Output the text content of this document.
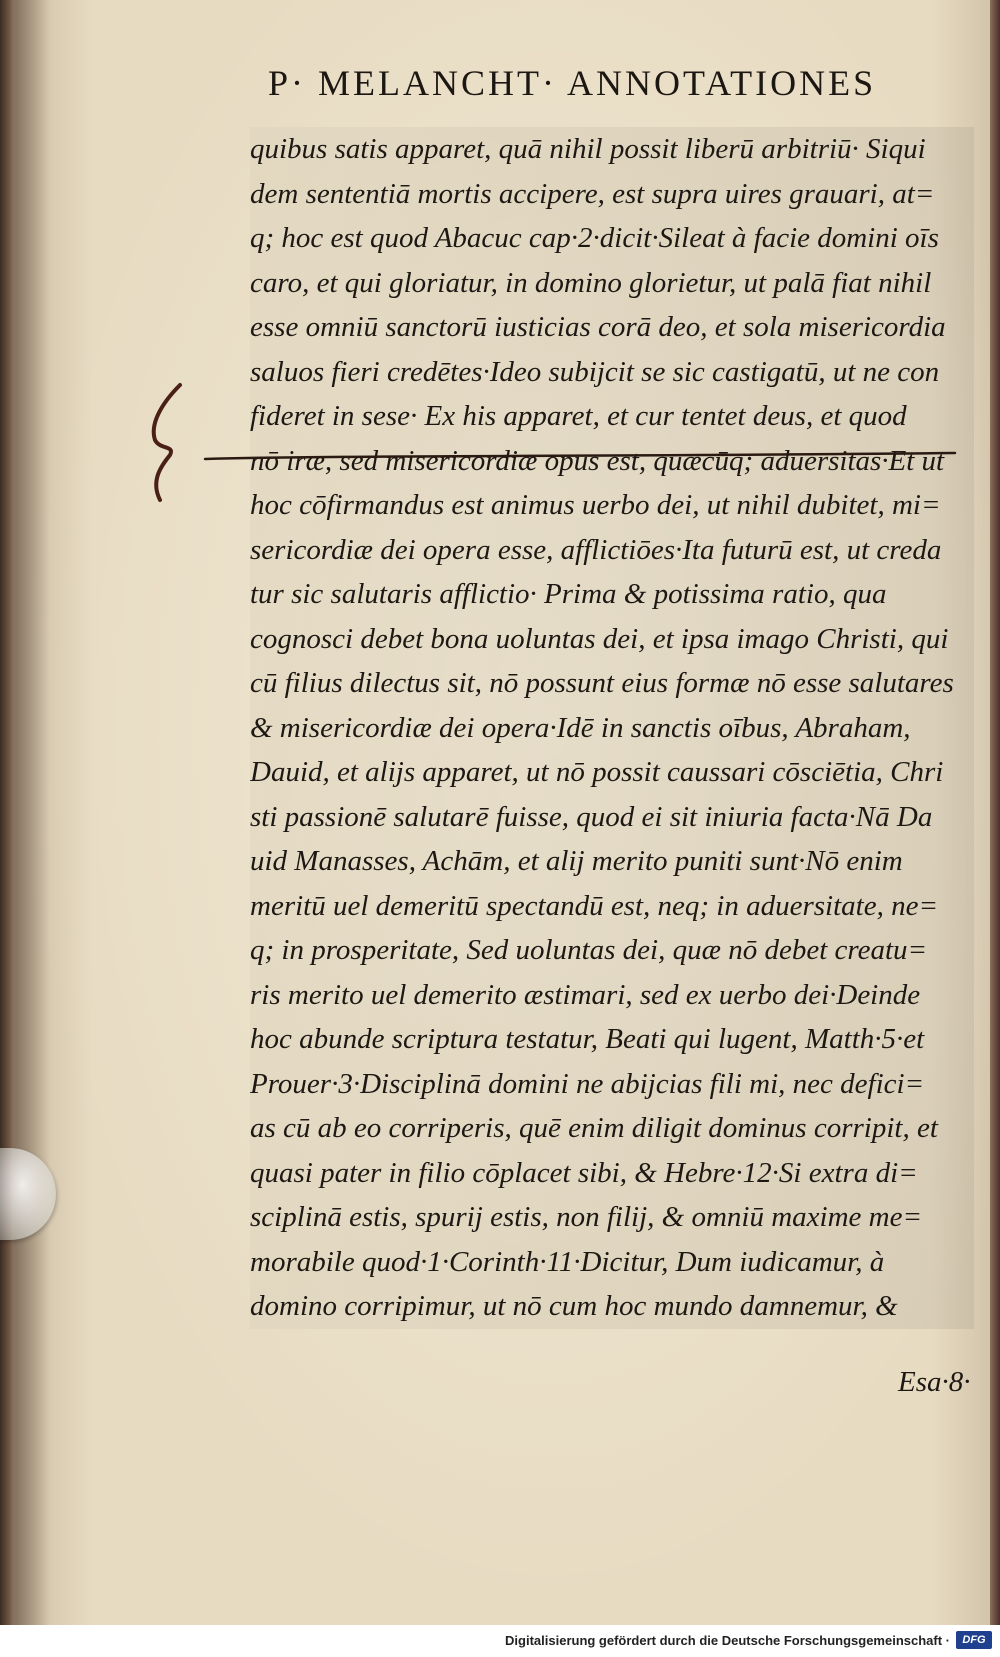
P· MELANCHT· ANNOTATIONES
quibus satis apparet, quā nihil possit liberū arbitriū· Siqui
dem sententiā mortis accipere, est supra uires grauari, at=
q; hoc est quod Abacuc cap·2·dicit·Sileat à facie domini oīs
caro, et qui gloriatur, in domino glorietur, ut palā fiat nihil
esse omniū sanctorū iusticias corā deo, et sola misericordia
saluos fieri credētes·Ideo subijcit se sic castigatū, ut ne con
fideret in sese· Ex his apparet, et cur tentet deus, et quod
nō iræ, sed misericordiæ opus est, quæcūq; aduersitas·Et ut
hoc cōfirmandus est animus uerbo dei, ut nihil dubitet, mi=
sericordiæ dei opera esse, afflictiōes·Ita futurū est, ut creda
tur sic salutaris afflictio· Prima & potissima ratio, qua
cognosci debet bona uoluntas dei, et ipsa imago Christi, qui
cū filius dilectus sit, nō possunt eius formæ nō esse salutares
& misericordiæ dei opera·Idē in sanctis oībus, Abraham,
Dauid, et alijs apparet, ut nō possit caussari cōsciētia, Chri
sti passionē salutarē fuisse, quod ei sit iniuria facta·Nā Da
uid Manasses, Achām, et alij merito puniti sunt·Nō enim
meritū uel demeritū spectandū est, neq; in aduersitate, ne=
q; in prosperitate, Sed uoluntas dei, quæ nō debet creatu=
ris merito uel demerito æstimari, sed ex uerbo dei·Deinde
hoc abunde scriptura testatur, Beati qui lugent, Matth·5·et
Prouer·3·Disciplinā domini ne abijcias fili mi, nec defici=
as cū ab eo corriperis, quē enim diligit dominus corripit, et
quasi pater in filio cōplacet sibi, & Hebre·12·Si extra di=
sciplinā estis, spurij estis, non filij, & omniū maxime me=
morabile quod·1·Corinth·11·Dicitur, Dum iudicamur, à
domino corripimur, ut nō cum hoc mundo damnemur, &
Esa·8·
Digitalisierung gefördert durch die Deutsche Forschungsgemeinschaft ·	DFG
